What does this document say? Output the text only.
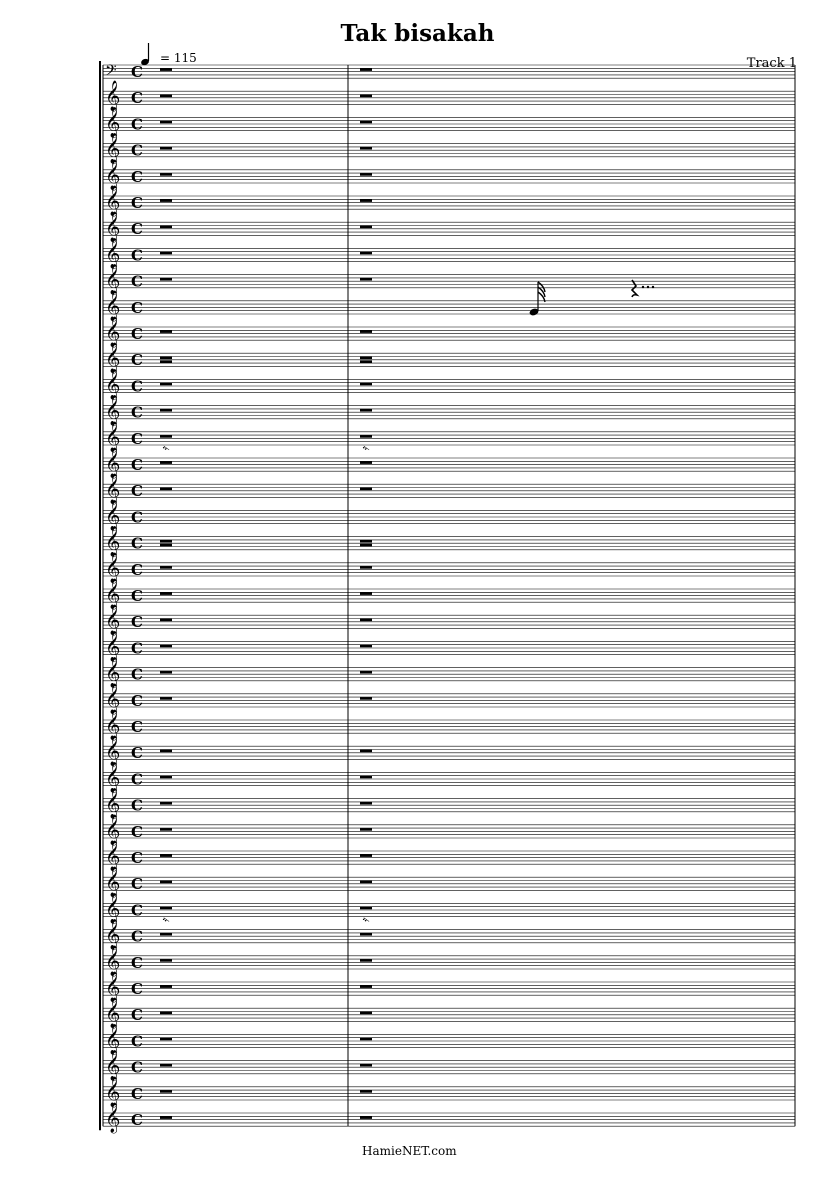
Tak bisakah
Track 1
= 115
𝄢 C
𝄞 C
𝄞 C
𝄞 C
𝄞 C
𝄞 C
𝄞 C
𝄞 C
𝄞 C
𝄞 C
𝄞 C
𝄞 C
𝄞 C
𝄞 C
𝄞 C
𝄞 C
𝄿	𝄿
𝄞 C
𝄞 C
𝄞 C
𝄞 C
𝄞 C
𝄞 C
𝄞 C
𝄞 C
𝄞 C
𝄞 C
𝄞 C
𝄞 C
𝄞 C
𝄞 C
𝄞 C
𝄞 C
𝄞 C
𝄞 C
𝄿	𝄿
𝄞 C
𝄞 C
𝄞 C
𝄞 C
𝄞 C
𝄞 C
𝄞 C
HamieNET.com
